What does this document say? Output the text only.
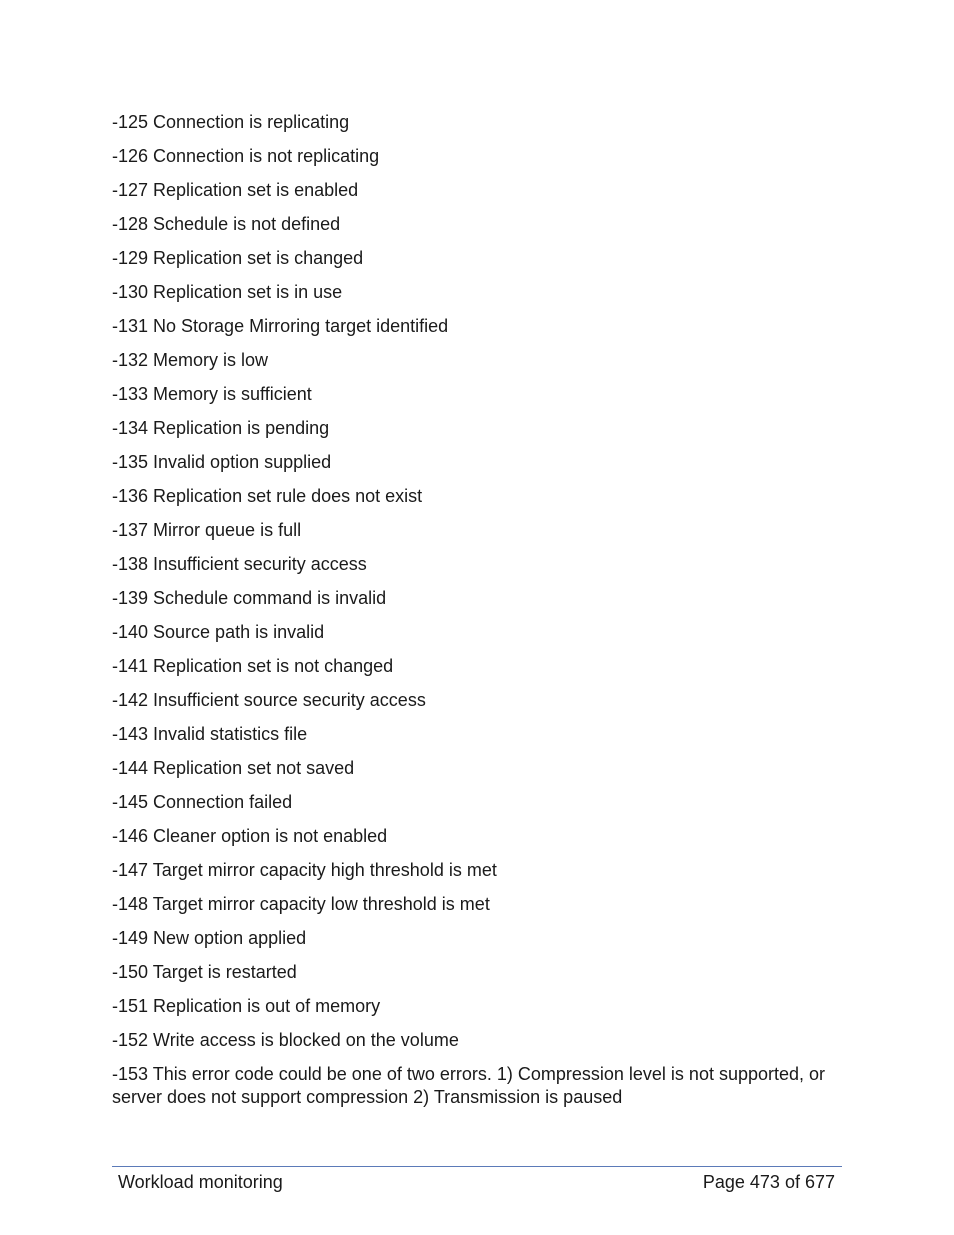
-125 Connection is replicating

-126 Connection is not replicating

-127 Replication set is enabled

-128 Schedule is not defined

-129 Replication set is changed

-130 Replication set is in use

-131 No Storage Mirroring target identified

-132 Memory is low

-133 Memory is sufficient

-134 Replication is pending

-135 Invalid option supplied

-136 Replication set rule does not exist

-137 Mirror queue is full

-138 Insufficient security access

-139 Schedule command is invalid

-140 Source path is invalid

-141 Replication set is not changed

-142 Insufficient source security access

-143 Invalid statistics file

-144 Replication set not saved

-145 Connection failed

-146 Cleaner option is not enabled

-147 Target mirror capacity high threshold is met

-148 Target mirror capacity low threshold is met

-149 New option applied

-150 Target is restarted

-151 Replication is out of memory

-152 Write access is blocked on the volume

-153 This error code could be one of two errors. 1) Compression level is not supported, or server does not support compression 2) Transmission is paused

Workload monitoring	Page 473 of 677
